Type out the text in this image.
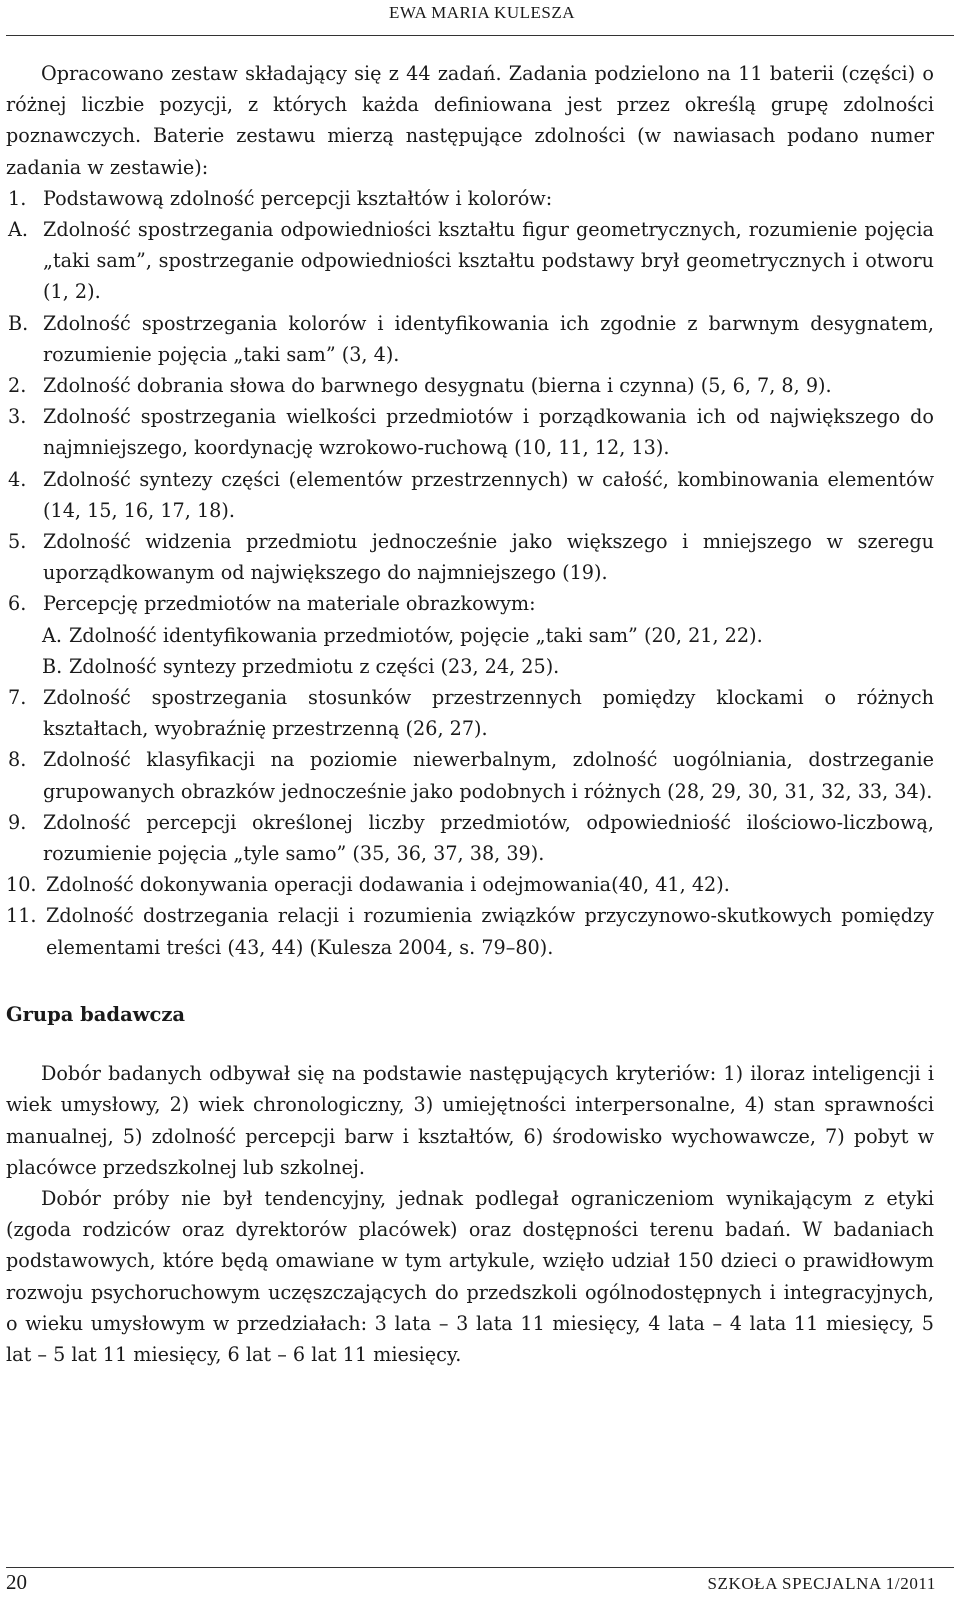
EWA MARIA KULESZA

Opracowano zestaw składający się z 44 zadań. Zadania podzielono na 11 baterii (części) o różnej liczbie pozycji, z których każda definiowana jest przez określą grupę zdolności poznawczych. Baterie zestawu mierzą następujące zdolności (w nawiasach podano numer zadania w zestawie):

1. Podstawową zdolność percepcji kształtów i kolorów:
A. Zdolność spostrzegania odpowiedniości kształtu figur geometrycznych, rozumienie pojęcia „taki sam”, spostrzeganie odpowiedniości kształtu podstawy brył geometrycznych i otworu (1, 2).
B. Zdolność spostrzegania kolorów i identyfikowania ich zgodnie z barwnym desygnatem, rozumienie pojęcia „taki sam” (3, 4).
2. Zdolność dobrania słowa do barwnego desygnatu (bierna i czynna) (5, 6, 7, 8, 9).
3. Zdolność spostrzegania wielkości przedmiotów i porządkowania ich od największego do najmniejszego, koordynację wzrokowo-ruchową (10, 11, 12, 13).
4. Zdolność syntezy części (elementów przestrzennych) w całość, kombinowania elementów (14, 15, 16, 17, 18).
5. Zdolność widzenia przedmiotu jednocześnie jako większego i mniejszego w szeregu uporządkowanym od największego do najmniejszego (19).
6. Percepcję przedmiotów na materiale obrazkowym:
A. Zdolność identyfikowania przedmiotów, pojęcie „taki sam” (20, 21, 22).
B. Zdolność syntezy przedmiotu z części (23, 24, 25).
7. Zdolność spostrzegania stosunków przestrzennych pomiędzy klockami o różnych kształtach, wyobraźnię przestrzenną (26, 27).
8. Zdolność klasyfikacji na poziomie niewerbalnym, zdolność uogólniania, dostrzeganie grupowanych obrazków jednocześnie jako podobnych i różnych (28, 29, 30, 31, 32, 33, 34).
9. Zdolność percepcji określonej liczby przedmiotów, odpowiedniość ilościowo-liczbową, rozumienie pojęcia „tyle samo” (35, 36, 37, 38, 39).
10. Zdolność dokonywania operacji dodawania i odejmowania(40, 41, 42).
11. Zdolność dostrzegania relacji i rozumienia związków przyczynowo-skutkowych pomiędzy elementami treści (43, 44) (Kulesza 2004, s. 79–80).
Grupa badawcza

Dobór badanych odbywał się na podstawie następujących kryteriów: 1) iloraz inteligencji i wiek umysłowy, 2) wiek chronologiczny, 3) umiejętności interpersonalne, 4) stan sprawności manualnej, 5) zdolność percepcji barw i kształtów, 6) środowisko wychowawcze, 7) pobyt w placówce przedszkolnej lub szkolnej.

Dobór próby nie był tendencyjny, jednak podlegał ograniczeniom wynikającym z etyki (zgoda rodziców oraz dyrektorów placówek) oraz dostępności terenu badań. W badaniach podstawowych, które będą omawiane w tym artykule, wzięło udział 150 dzieci o prawidłowym rozwoju psychoruchowym uczęszczających do przedszkoli ogólnodostępnych i integracyjnych, o wieku umysłowym w przedziałach: 3 lata – 3 lata 11 miesięcy, 4 lata – 4 lata 11 miesięcy, 5 lat – 5 lat 11 miesięcy, 6 lat – 6 lat 11 miesięcy.

20	SZKOŁA SPECJALNA 1/2011
